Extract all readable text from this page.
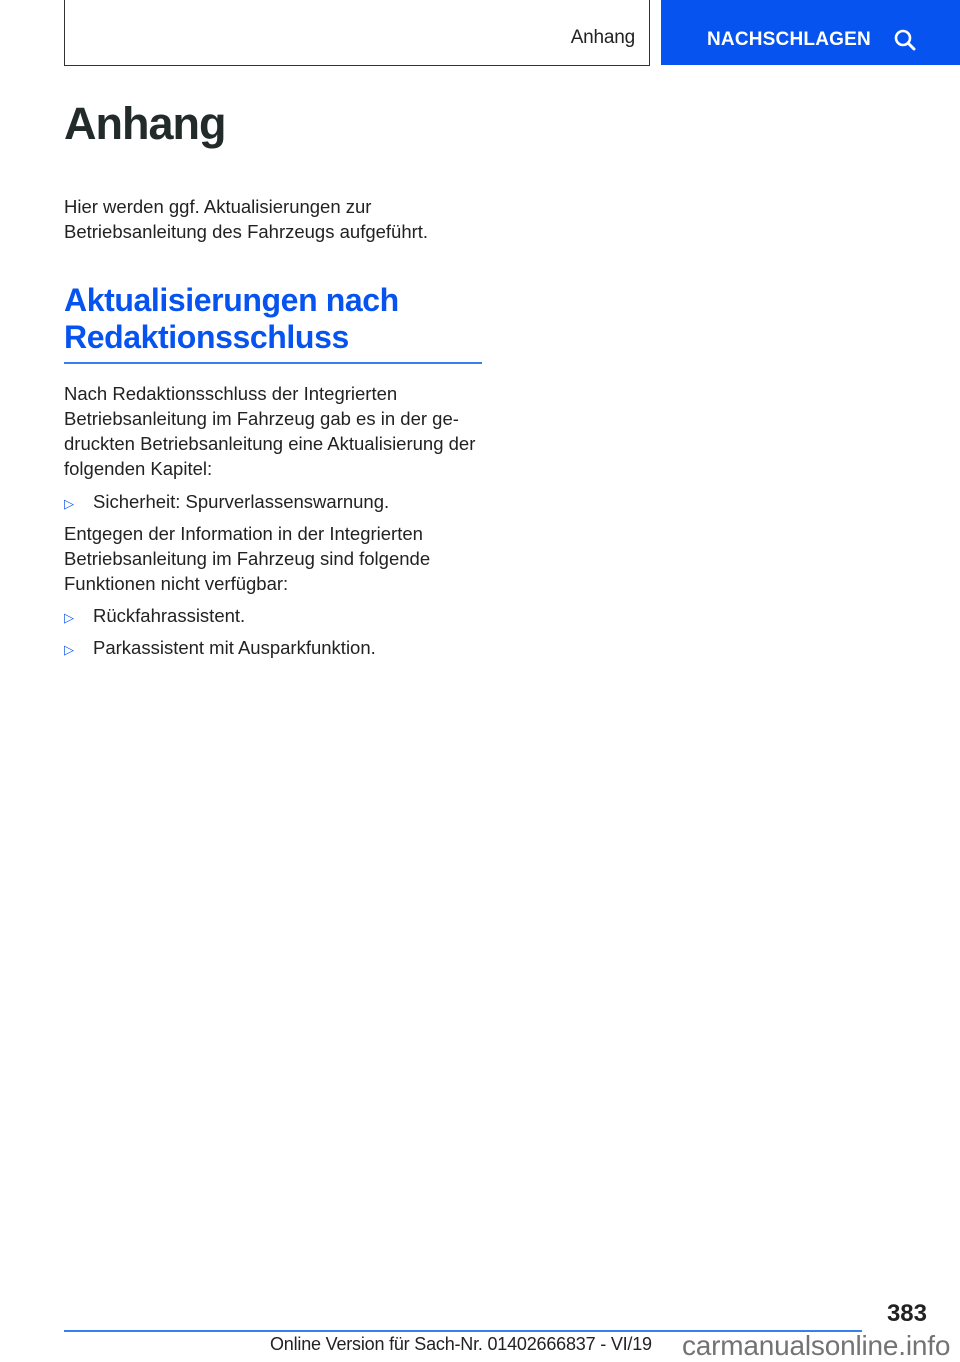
Anhang	NACHSCHLAGEN
Anhang

Hier werden ggf. Aktualisierungen zur Betriebsanleitung des Fahrzeugs aufgeführt.

Aktualisierungen nach
Redaktionsschluss

Nach Redaktionsschluss der Integrierten Betriebsanleitung im Fahrzeug gab es in der ge-druckten Betriebsanleitung eine Aktualisierung der folgenden Kapitel:

▷	Sicherheit: Spurverlassenswarnung.

Entgegen der Information in der Integrierten Betriebsanleitung im Fahrzeug sind folgende Funktionen nicht verfügbar:

▷	Rückfahrassistent.
▷	Parkassistent mit Ausparkfunktion.
383
Online Version für Sach-Nr. 01402666837 - VI/19 carmanualsonline.info
